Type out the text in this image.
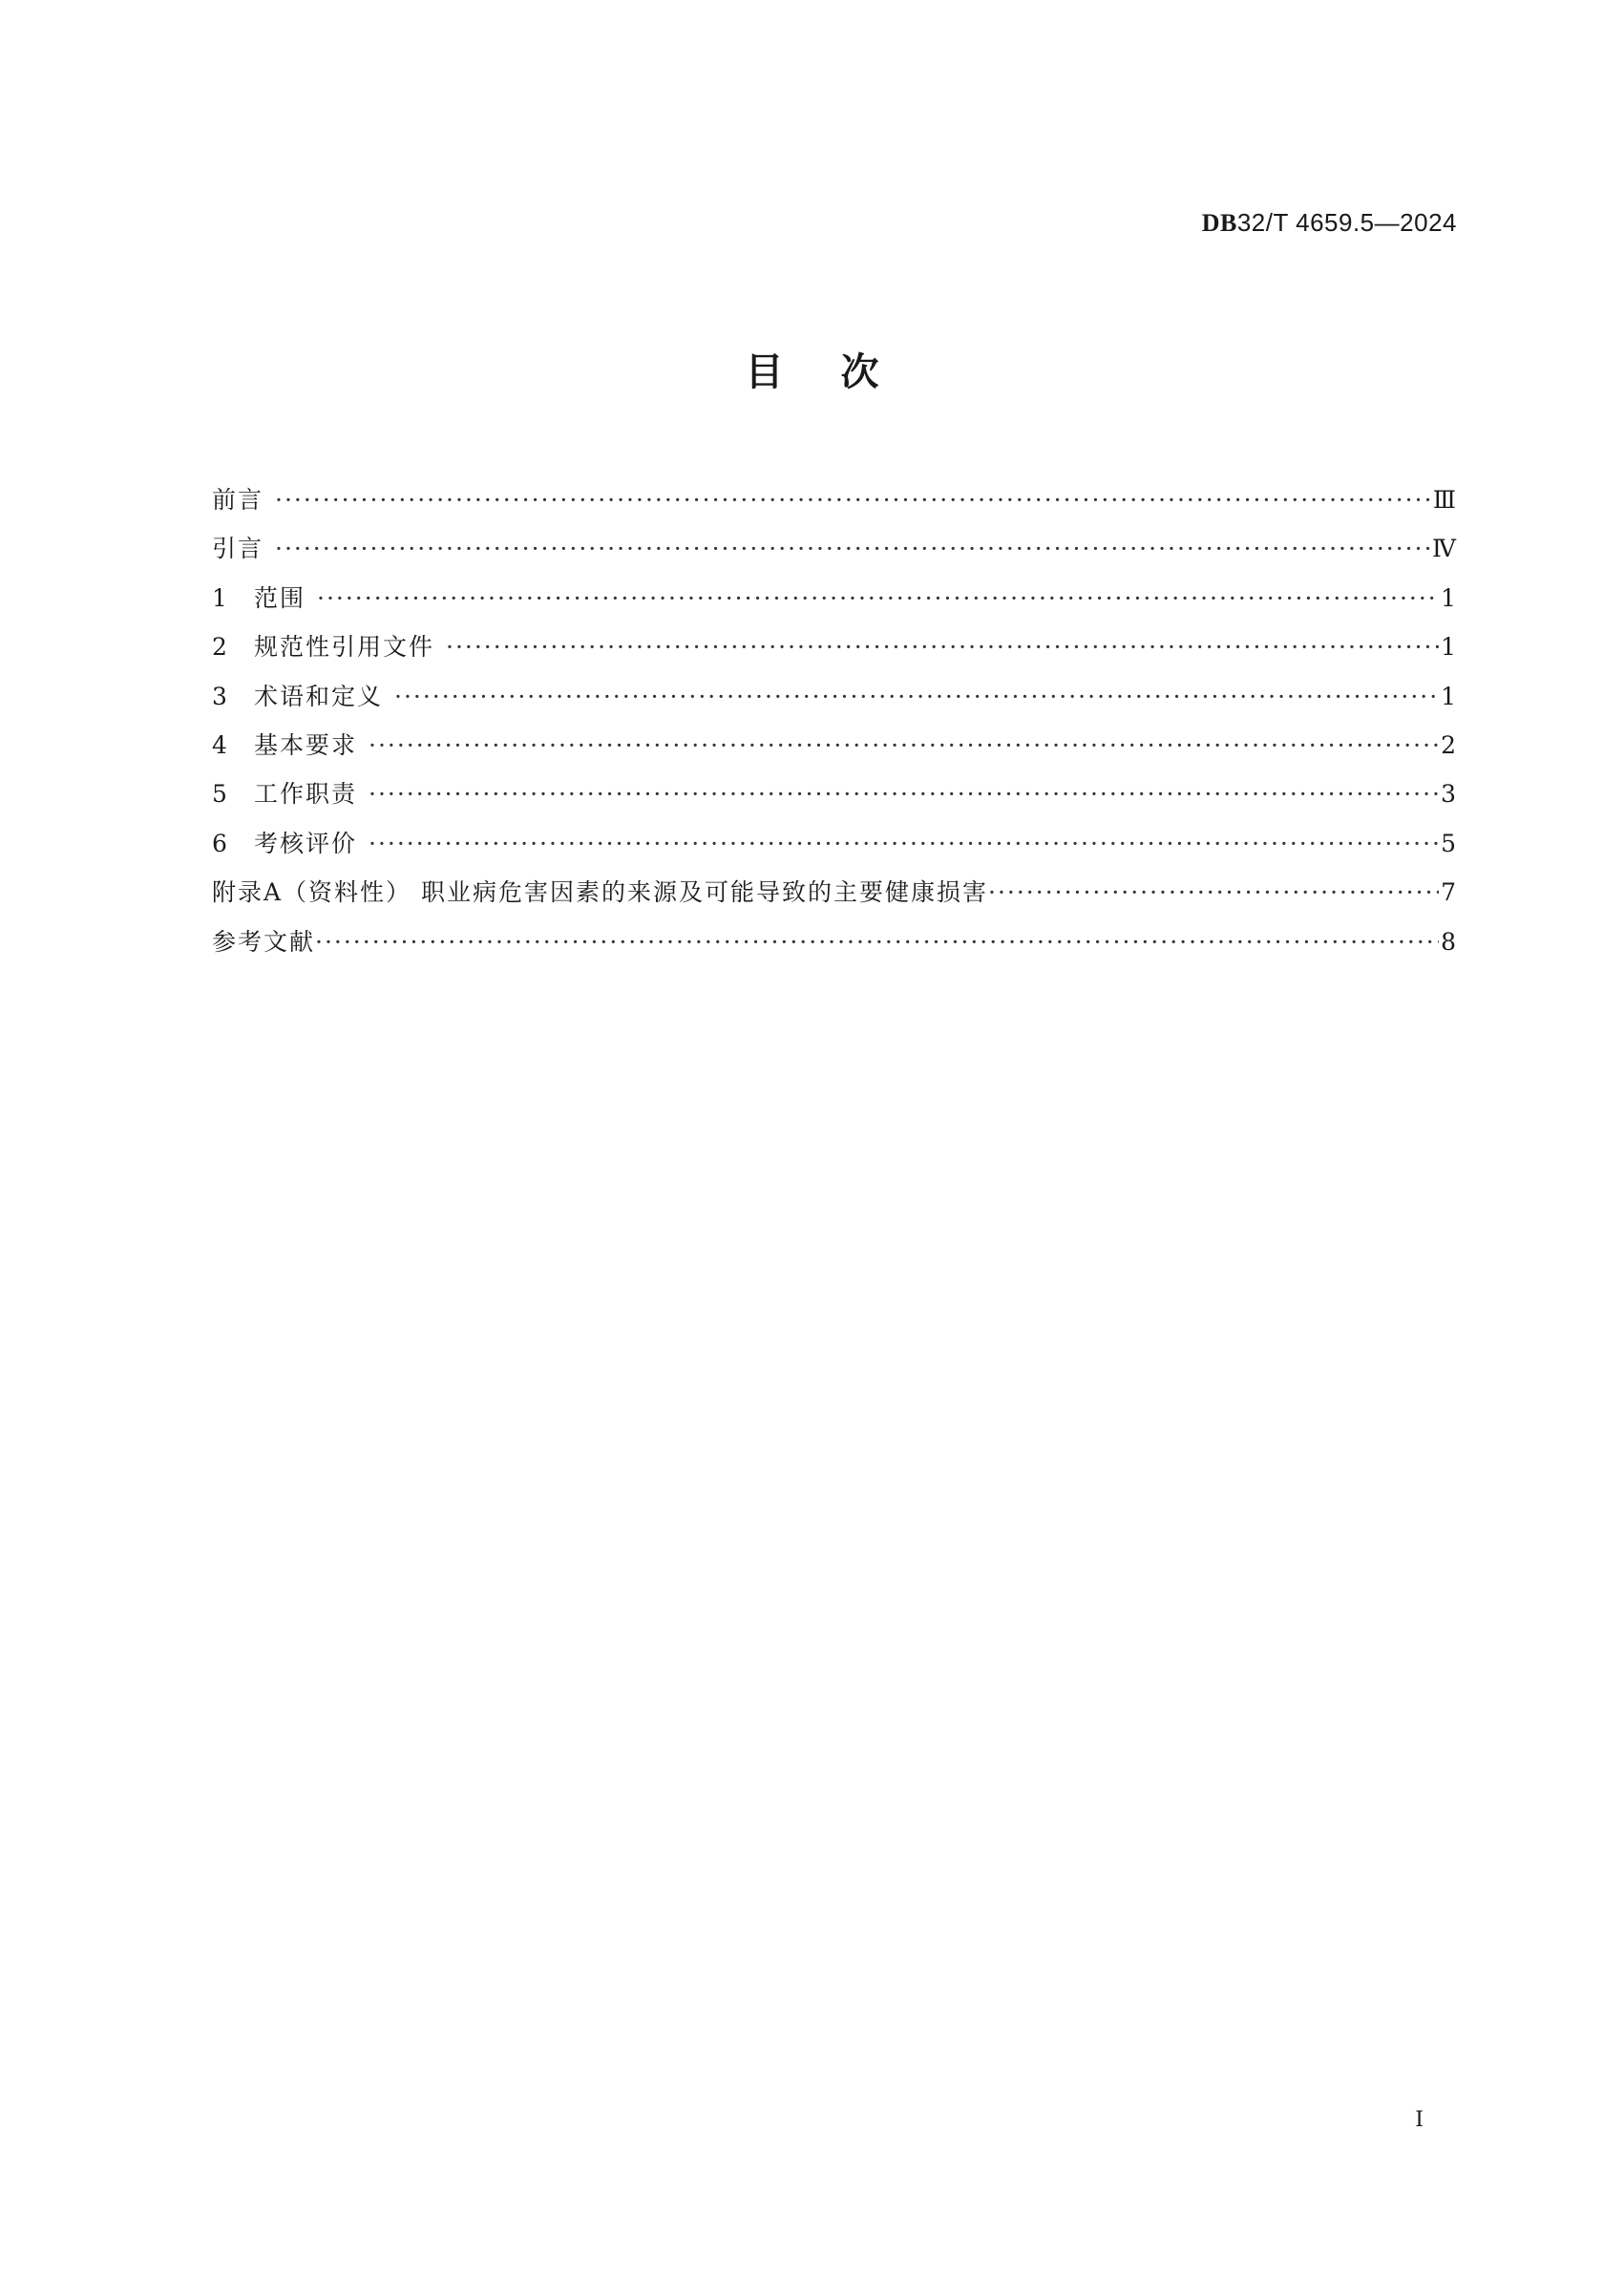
DB32/T 4659.5—2024
目次
前言 ·····	Ⅲ
引言 ·····	Ⅳ
1 范围 ·····	1
2 规范性引用文件 ·····	1
3 术语和定义 ·····	1
4 基本要求 ·····	2
5 工作职责 ·····	3
6 考核评价 ·····	5
附录A（资料性） 职业病危害因素的来源及可能导致的主要健康损害 ·····	7
参考文献 ·····	8
I
